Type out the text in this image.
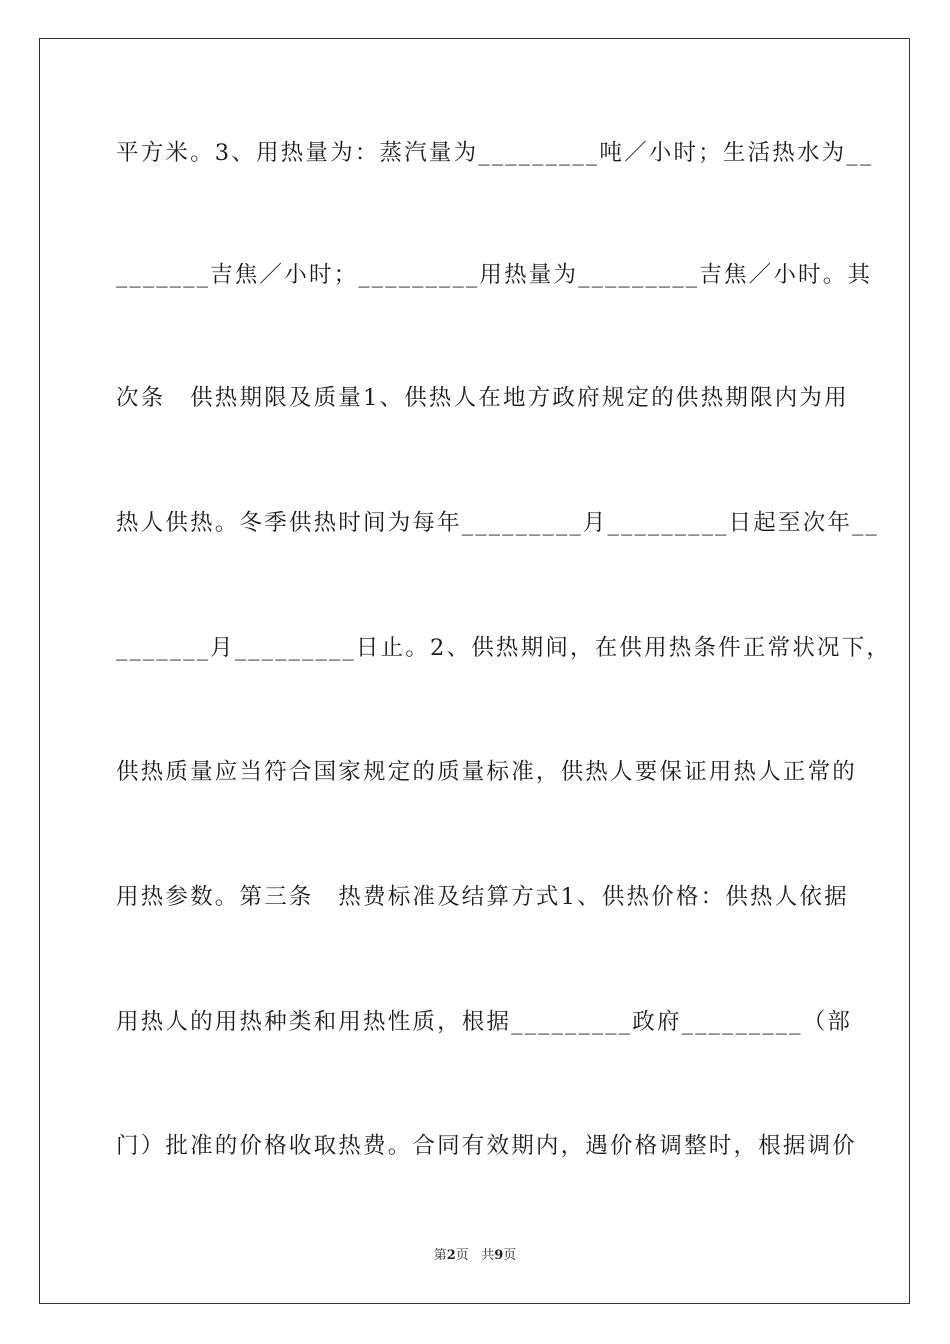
平方米。3、用热量为：蒸汽量为_________吨／小时；生活热水为__
_______吉焦／小时；_________用热量为_________吉焦／小时。其
次条　供热期限及质量1、供热人在地方政府规定的供热期限内为用
热人供热。冬季供热时间为每年_________月_________日起至次年__
_______月_________日止。2、供热期间，在供用热条件正常状况下，
供热质量应当符合国家规定的质量标准，供热人要保证用热人正常的
用热参数。第三条　热费标准及结算方式1、供热价格：供热人依据
用热人的用热种类和用热性质，根据_________政府_________（部
门）批准的价格收取热费。合同有效期内，遇价格调整时，根据调价
第2页 共9页
